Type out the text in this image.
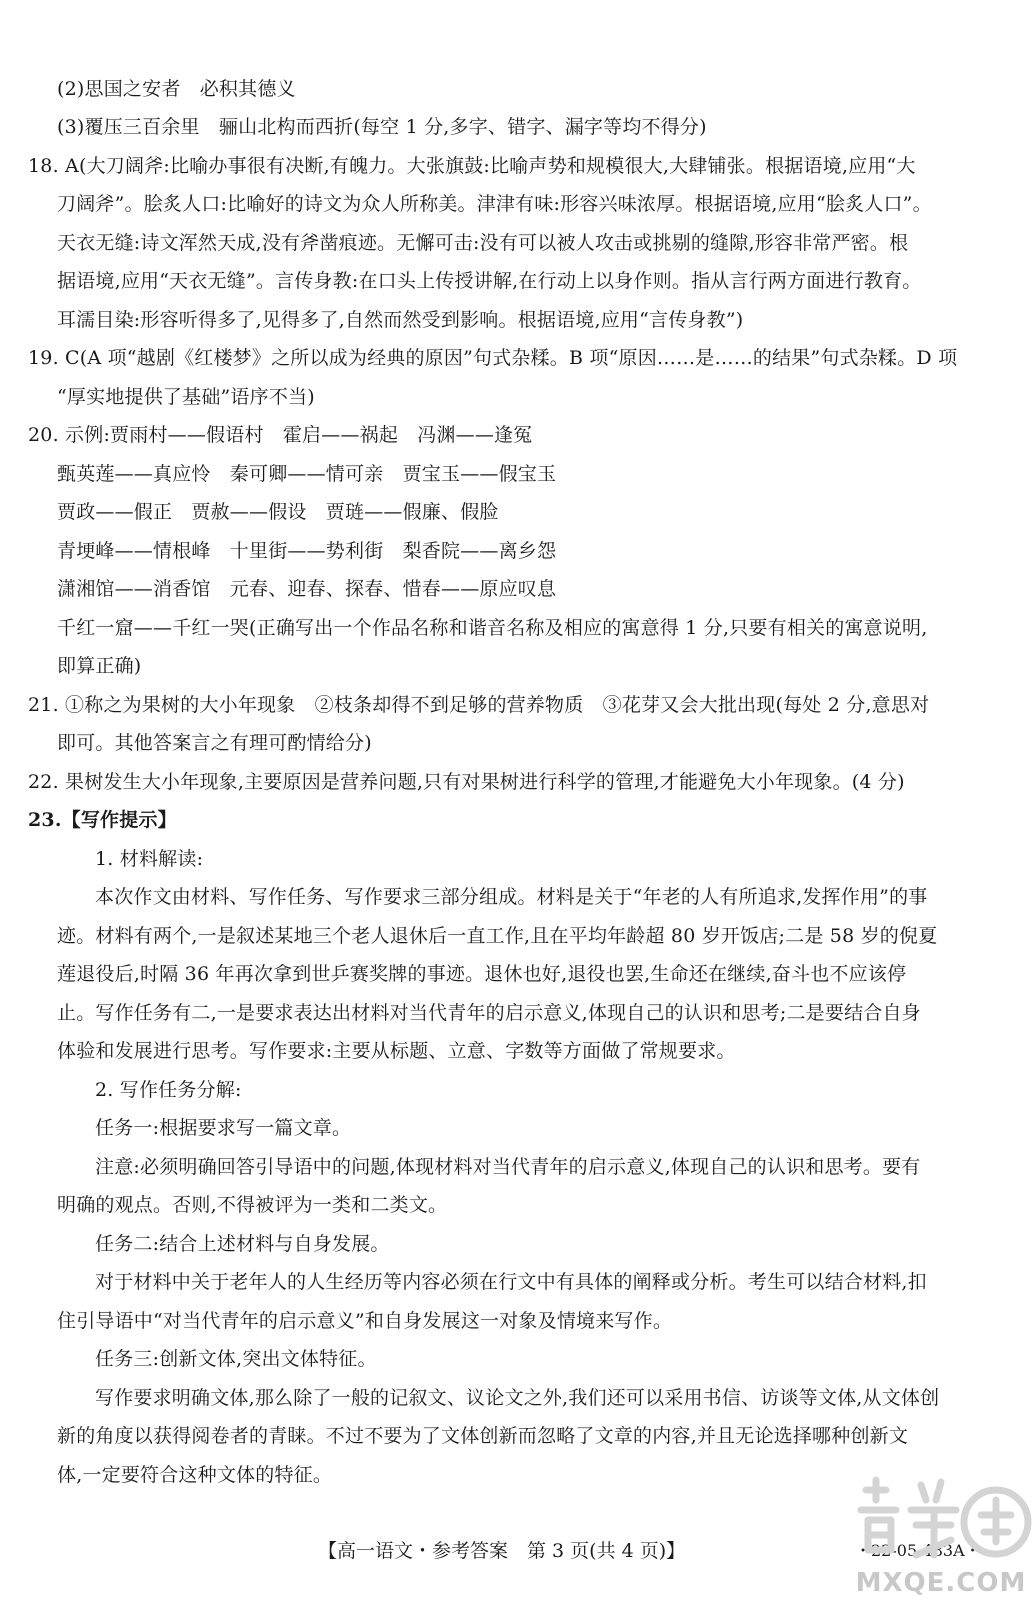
(2)思国之安者　必积其德义
(3)覆压三百余里　骊山北构而西折(每空 1 分,多字、错字、漏字等均不得分)
18. A(大刀阔斧:比喻办事很有决断,有魄力。大张旗鼓:比喻声势和规模很大,大肆铺张。根据语境,应用“大
刀阔斧”。脍炙人口:比喻好的诗文为众人所称美。津津有味:形容兴味浓厚。根据语境,应用“脍炙人口”。
天衣无缝:诗文浑然天成,没有斧凿痕迹。无懈可击:没有可以被人攻击或挑剔的缝隙,形容非常严密。根
据语境,应用“天衣无缝”。言传身教:在口头上传授讲解,在行动上以身作则。指从言行两方面进行教育。
耳濡目染:形容听得多了,见得多了,自然而然受到影响。根据语境,应用“言传身教”)
19. C(A 项“越剧《红楼梦》之所以成为经典的原因”句式杂糅。B 项“原因……是……的结果”句式杂糅。D 项
“厚实地提供了基础”语序不当)
20. 示例:贾雨村——假语村　霍启——祸起　冯渊——逢冤
甄英莲——真应怜　秦可卿——情可亲　贾宝玉——假宝玉
贾政——假正　贾赦——假设　贾琏——假廉、假脸
青埂峰——情根峰　十里街——势利街　梨香院——离乡怨
潇湘馆——消香馆　元春、迎春、探春、惜春——原应叹息
千红一窟——千红一哭(正确写出一个作品名称和谐音名称及相应的寓意得 1 分,只要有相关的寓意说明,
即算正确)
21. ①称之为果树的大小年现象　②枝条却得不到足够的营养物质　③花芽又会大批出现(每处 2 分,意思对
即可。其他答案言之有理可酌情给分)
22. 果树发生大小年现象,主要原因是营养问题,只有对果树进行科学的管理,才能避免大小年现象。(4 分)
23.【写作提示】
1. 材料解读:
本次作文由材料、写作任务、写作要求三部分组成。材料是关于“年老的人有所追求,发挥作用”的事
迹。材料有两个,一是叙述某地三个老人退休后一直工作,且在平均年龄超 80 岁开饭店;二是 58 岁的倪夏
莲退役后,时隔 36 年再次拿到世乒赛奖牌的事迹。退休也好,退役也罢,生命还在继续,奋斗也不应该停
止。写作任务有二,一是要求表达出材料对当代青年的启示意义,体现自己的认识和思考;二是要结合自身
体验和发展进行思考。写作要求:主要从标题、立意、字数等方面做了常规要求。
2. 写作任务分解:
任务一:根据要求写一篇文章。
注意:必须明确回答引导语中的问题,体现材料对当代青年的启示意义,体现自己的认识和思考。要有
明确的观点。否则,不得被评为一类和二类文。
任务二:结合上述材料与自身发展。
对于材料中关于老年人的人生经历等内容必须在行文中有具体的阐释或分析。考生可以结合材料,扣
住引导语中“对当代青年的启示意义”和自身发展这一对象及情境来写作。
任务三:创新文体,突出文体特征。
写作要求明确文体,那么除了一般的记叙文、议论文之外,我们还可以采用书信、访谈等文体,从文体创
新的角度以获得阅卷者的青睐。不过不要为了文体创新而忽略了文章的内容,并且无论选择哪种创新文
体,一定要符合这种文体的特征。
【高一语文・参考答案　第 3 页(共 4 页)】	・22-05-483A・
MXQE.COM
